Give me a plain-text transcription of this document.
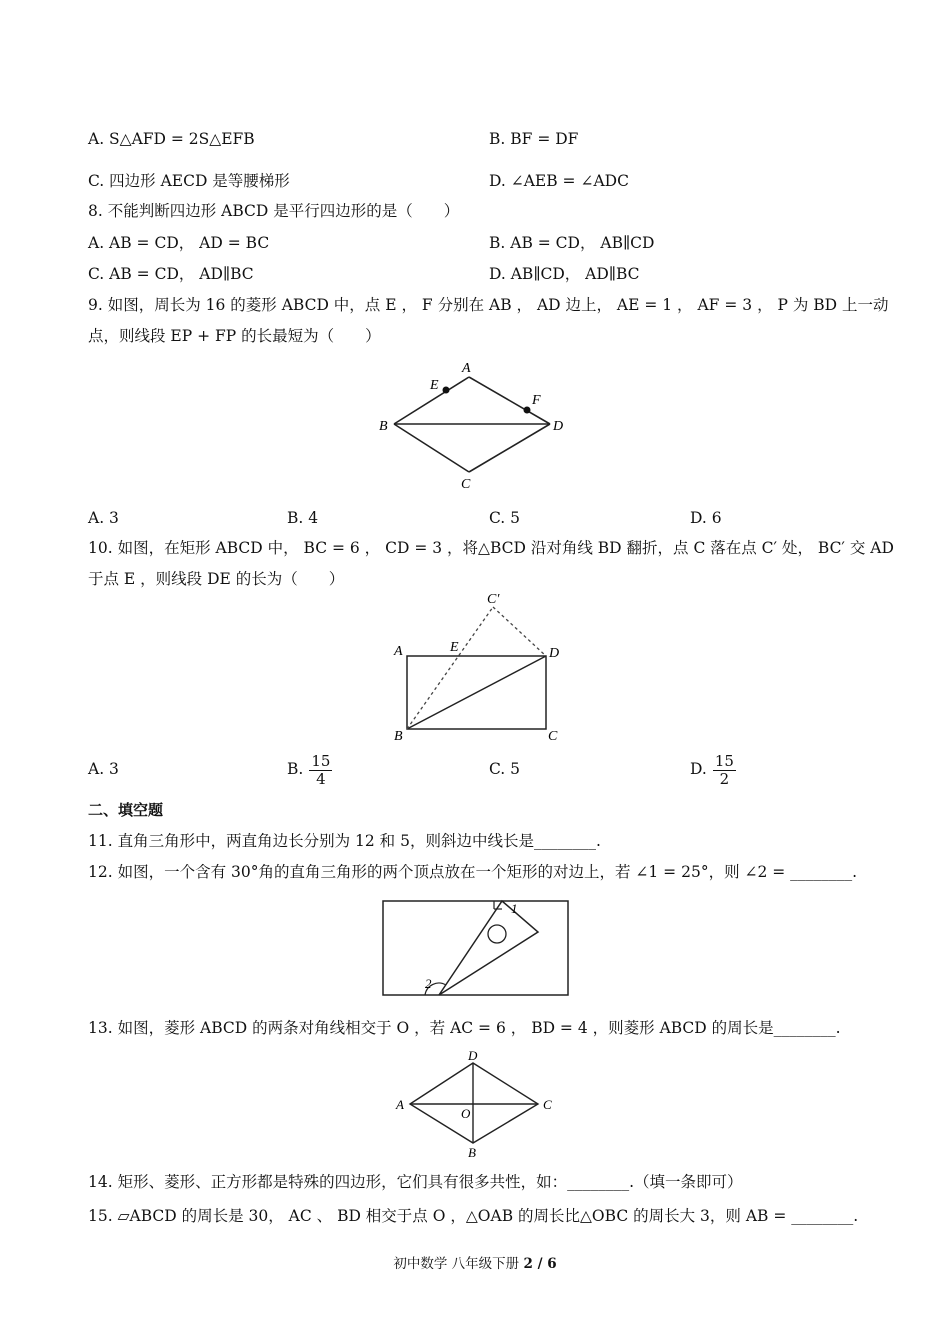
A. S△AFD = 2S△EFB	B. BF = DF
C. 四边形 AECD 是等腰梯形	D. ∠AEB = ∠ADC
8. 不能判断四边形 ABCD 是平行四边形的是（　　）
A. AB = CD， AD = BC	B. AB = CD， AB∥CD
C. AB = CD， AD∥BC	D. AB∥CD， AD∥BC
9. 如图，周长为 16 的菱形 ABCD 中，点 E ， F 分别在 AB ， AD 边上， AE = 1 ， AF = 3 ， P 为 BD 上一动
点，则线段 EP + FP 的长最短为（　　）
A
E
F
B	D
C
A. 3	B. 4	C. 5	D. 6
10. 如图，在矩形 ABCD 中， BC = 6 ， CD = 3 ，将△BCD 沿对角线 BD 翻折，点 C 落在点 C′ 处， BC′ 交 AD
于点 E ，则线段 DE 的长为（　　）
C′
A	E	D
B	C
A. 3	B. $\frac{15}{4}$	C. 5	D. $\frac{15}{2}$
二、填空题
11. 直角三角形中，两直角边长分别为 12 和 5，则斜边中线长是________.
12. 如图，一个含有 30°角的直角三角形的两个顶点放在一个矩形的对边上，若 ∠1 = 25°，则 ∠2 = ________.
1
2
13. 如图，菱形 ABCD 的两条对角线相交于 O ，若 AC = 6 ， BD = 4 ，则菱形 ABCD 的周长是________.
D
A	C
O
B
14. 矩形、菱形、正方形都是特殊的四边形，它们具有很多共性，如：________.（填一条即可）
15. ▱ABCD 的周长是 30， AC 、 BD 相交于点 O ，△OAB 的周长比△OBC 的周长大 3，则 AB = ________.
初中数学 八年级下册 2 / 6
